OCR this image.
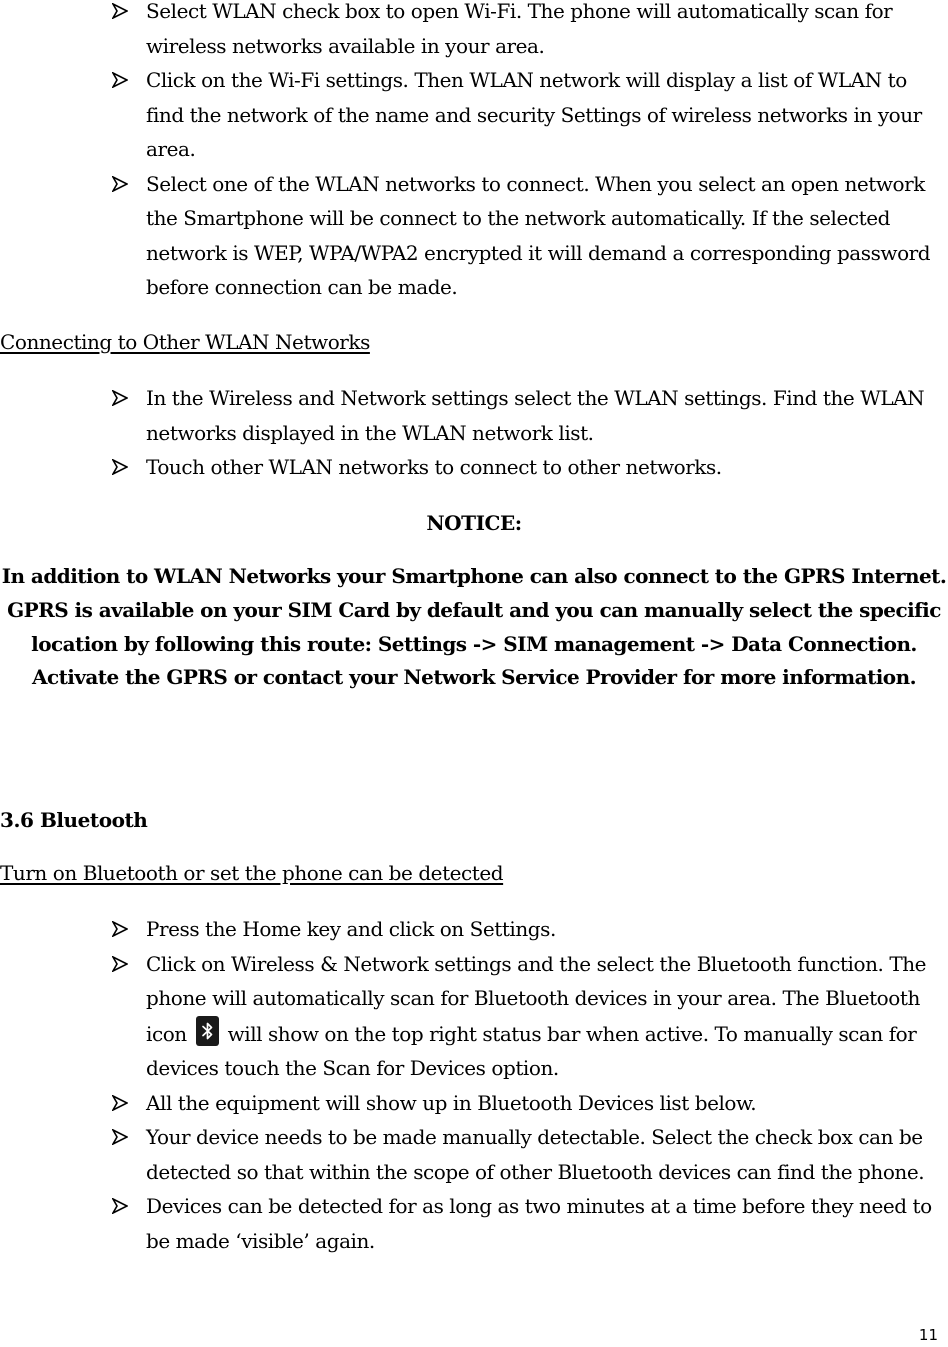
Select WLAN check box to open Wi-Fi. The phone will automatically scan for wireless networks available in your area.
Click on the Wi-Fi settings. Then WLAN network will display a list of WLAN to find the network of the name and security Settings of wireless networks in your area.
Select one of the WLAN networks to connect. When you select an open network the Smartphone will be connect to the network automatically. If the selected network is WEP, WPA/WPA2 encrypted it will demand a corresponding password before connection can be made.
Connecting to Other WLAN Networks
In the Wireless and Network settings select the WLAN settings. Find the WLAN networks displayed in the WLAN network list.
Touch other WLAN networks to connect to other networks.
NOTICE:
In addition to WLAN Networks your Smartphone can also connect to the GPRS Internet. GPRS is available on your SIM Card by default and you can manually select the specific location by following this route: Settings -> SIM management -> Data Connection. Activate the GPRS or contact your Network Service Provider for more information.
3.6 Bluetooth
Turn on Bluetooth or set the phone can be detected
Press the Home key and click on Settings.
Click on Wireless & Network settings and the select the Bluetooth function. The phone will automatically scan for Bluetooth devices in your area. The Bluetooth icon will show on the top right status bar when active. To manually scan for devices touch the Scan for Devices option.
All the equipment will show up in Bluetooth Devices list below.
Your device needs to be made manually detectable. Select the check box can be detected so that within the scope of other Bluetooth devices can find the phone.
Devices can be detected for as long as two minutes at a time before they need to be made ‘visible’ again.
11
